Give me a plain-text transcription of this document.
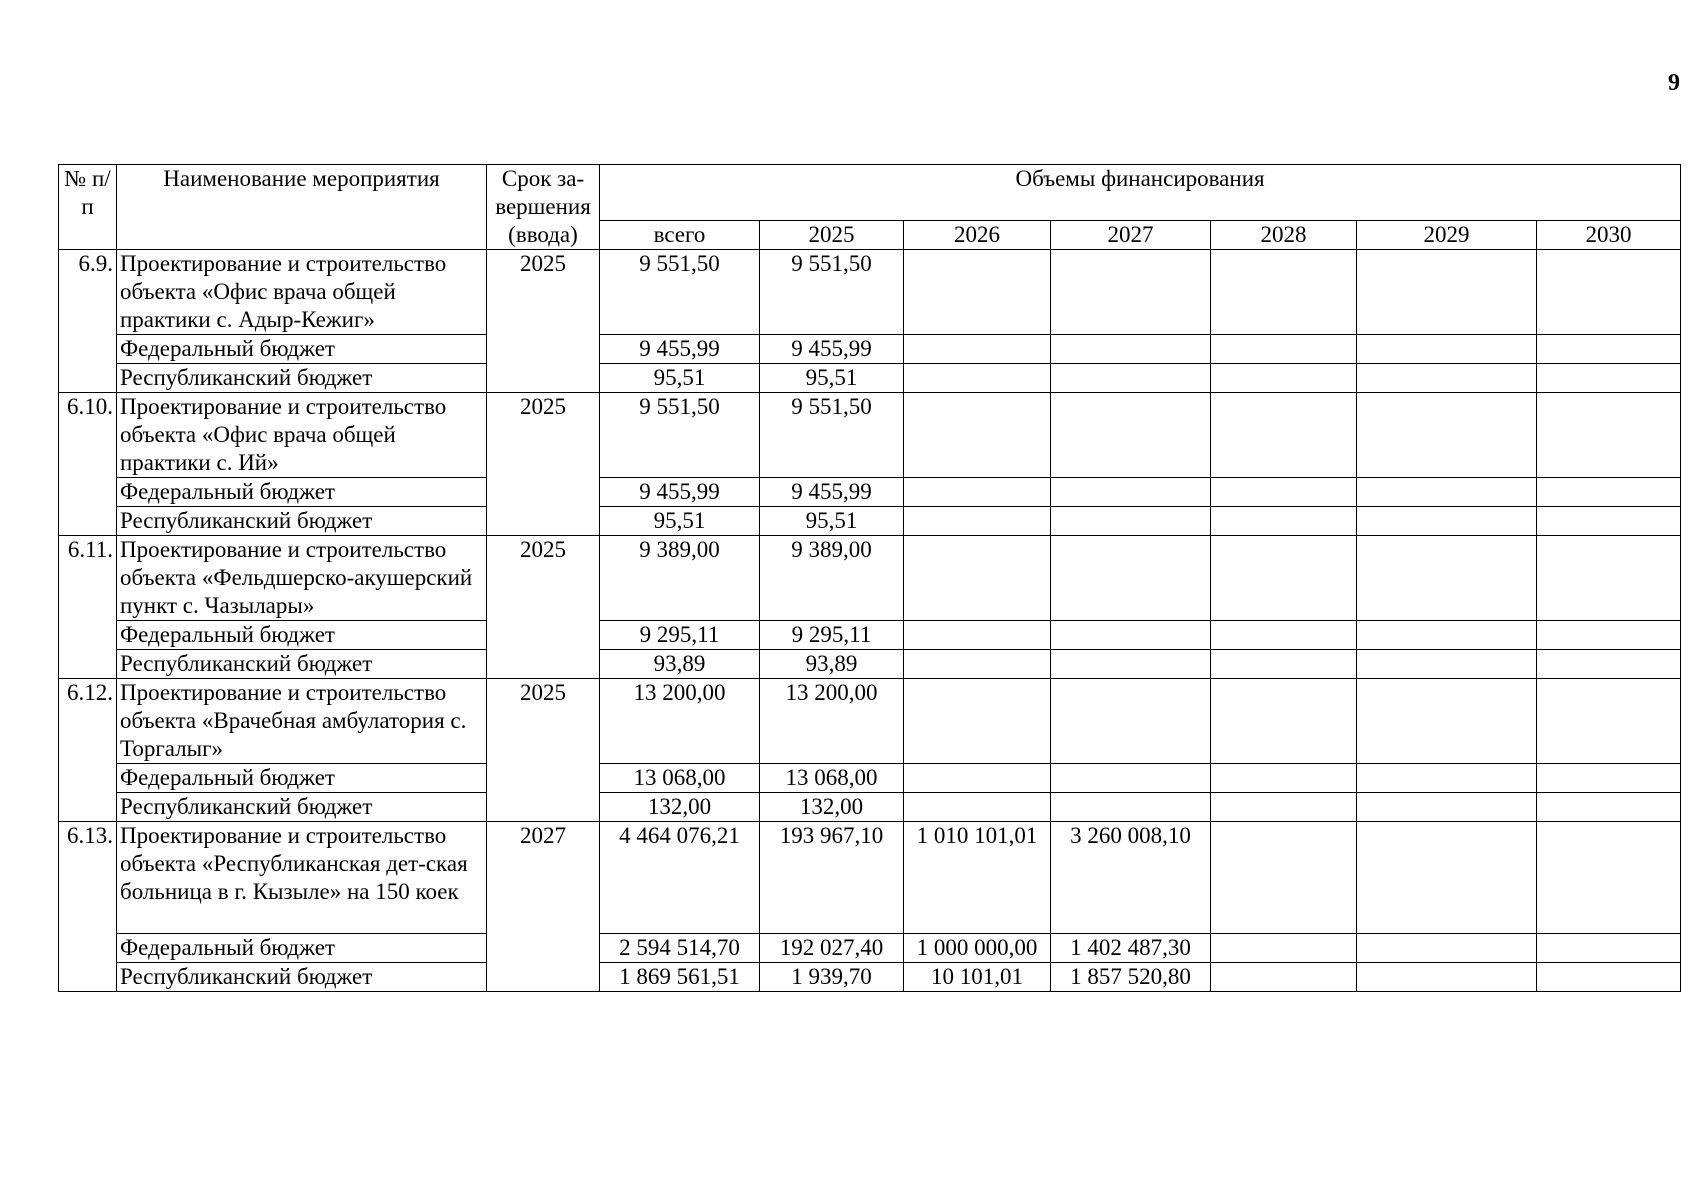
9
№ п/п	Наименование мероприятия	Срок за-вершения (ввода)	Объемы финансирования						
			всего	2025	2026	2027	2028	2029	2030
6.9.	Проектирование и строительство объекта «Офис врача общей практики с. Адыр-Кежиг»	2025	9 551,50	9 551,50					
	Федеральный бюджет		9 455,99	9 455,99					
	Республиканский бюджет		95,51	95,51					
6.10.	Проектирование и строительство объекта «Офис врача общей практики с. Ий»	2025	9 551,50	9 551,50					
	Федеральный бюджет		9 455,99	9 455,99					
	Республиканский бюджет		95,51	95,51					
6.11.	Проектирование и строительство объекта «Фельдшерско-акушерский пункт с. Чазылары»	2025	9 389,00	9 389,00					
	Федеральный бюджет		9 295,11	9 295,11					
	Республиканский бюджет		93,89	93,89					
6.12.	Проектирование и строительство объекта «Врачебная амбулатория с. Торгалыг»	2025	13 200,00	13 200,00					
	Федеральный бюджет		13 068,00	13 068,00					
	Республиканский бюджет		132,00	132,00					
6.13.	Проектирование и строительство объекта «Республиканская дет-ская больница в г. Кызыле» на 150 коек	2027	4 464 076,21	193 967,10	1 010 101,01	3 260 008,10			
	Федеральный бюджет		2 594 514,70	192 027,40	1 000 000,00	1 402 487,30			
	Республиканский бюджет		1 869 561,51	1 939,70	10 101,01	1 857 520,80			
